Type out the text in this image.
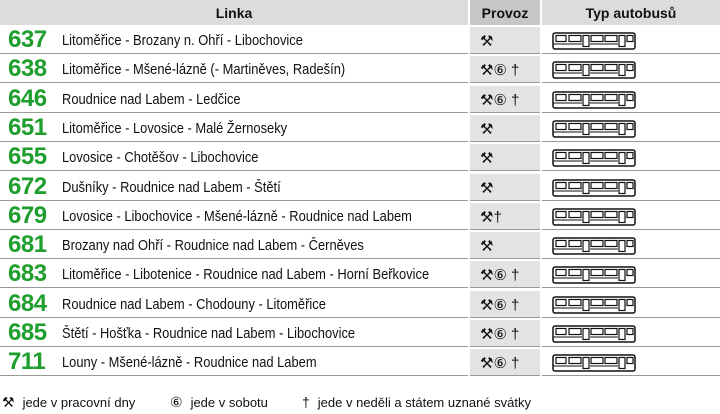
Linka	Provoz	Typ autobusů
637 Litoměřice - Brozany n. Ohří - Libochovice	⚒
638 Litoměřice - Mšené-lázně (- Martiněves, Radešín)	⚒⑥ †
646 Roudnice nad Labem - Ledčice	⚒⑥ †
651 Litoměřice - Lovosice - Malé Žernoseky	⚒
655 Lovosice - Chotěšov - Libochovice	⚒
672 Dušníky - Roudnice nad Labem - Štětí	⚒
679 Lovosice - Libochovice - Mšené-lázně - Roudnice nad Labem	⚒†
681 Brozany nad Ohří - Roudnice nad Labem - Černěves	⚒
683 Litoměřice - Libotenice - Roudnice nad Labem - Horní Beřkovice	⚒⑥ †
684 Roudnice nad Labem - Chodouny - Litoměřice	⚒⑥ †
685 Štětí - Hošťka - Roudnice nad Labem - Libochovice	⚒⑥ †
711 Louny - Mšené-lázně - Roudnice nad Labem	⚒⑥ †
⚒ jede v pracovní dny ⑥ jede v sobotu † jede v neděli a státem uznané svátky
